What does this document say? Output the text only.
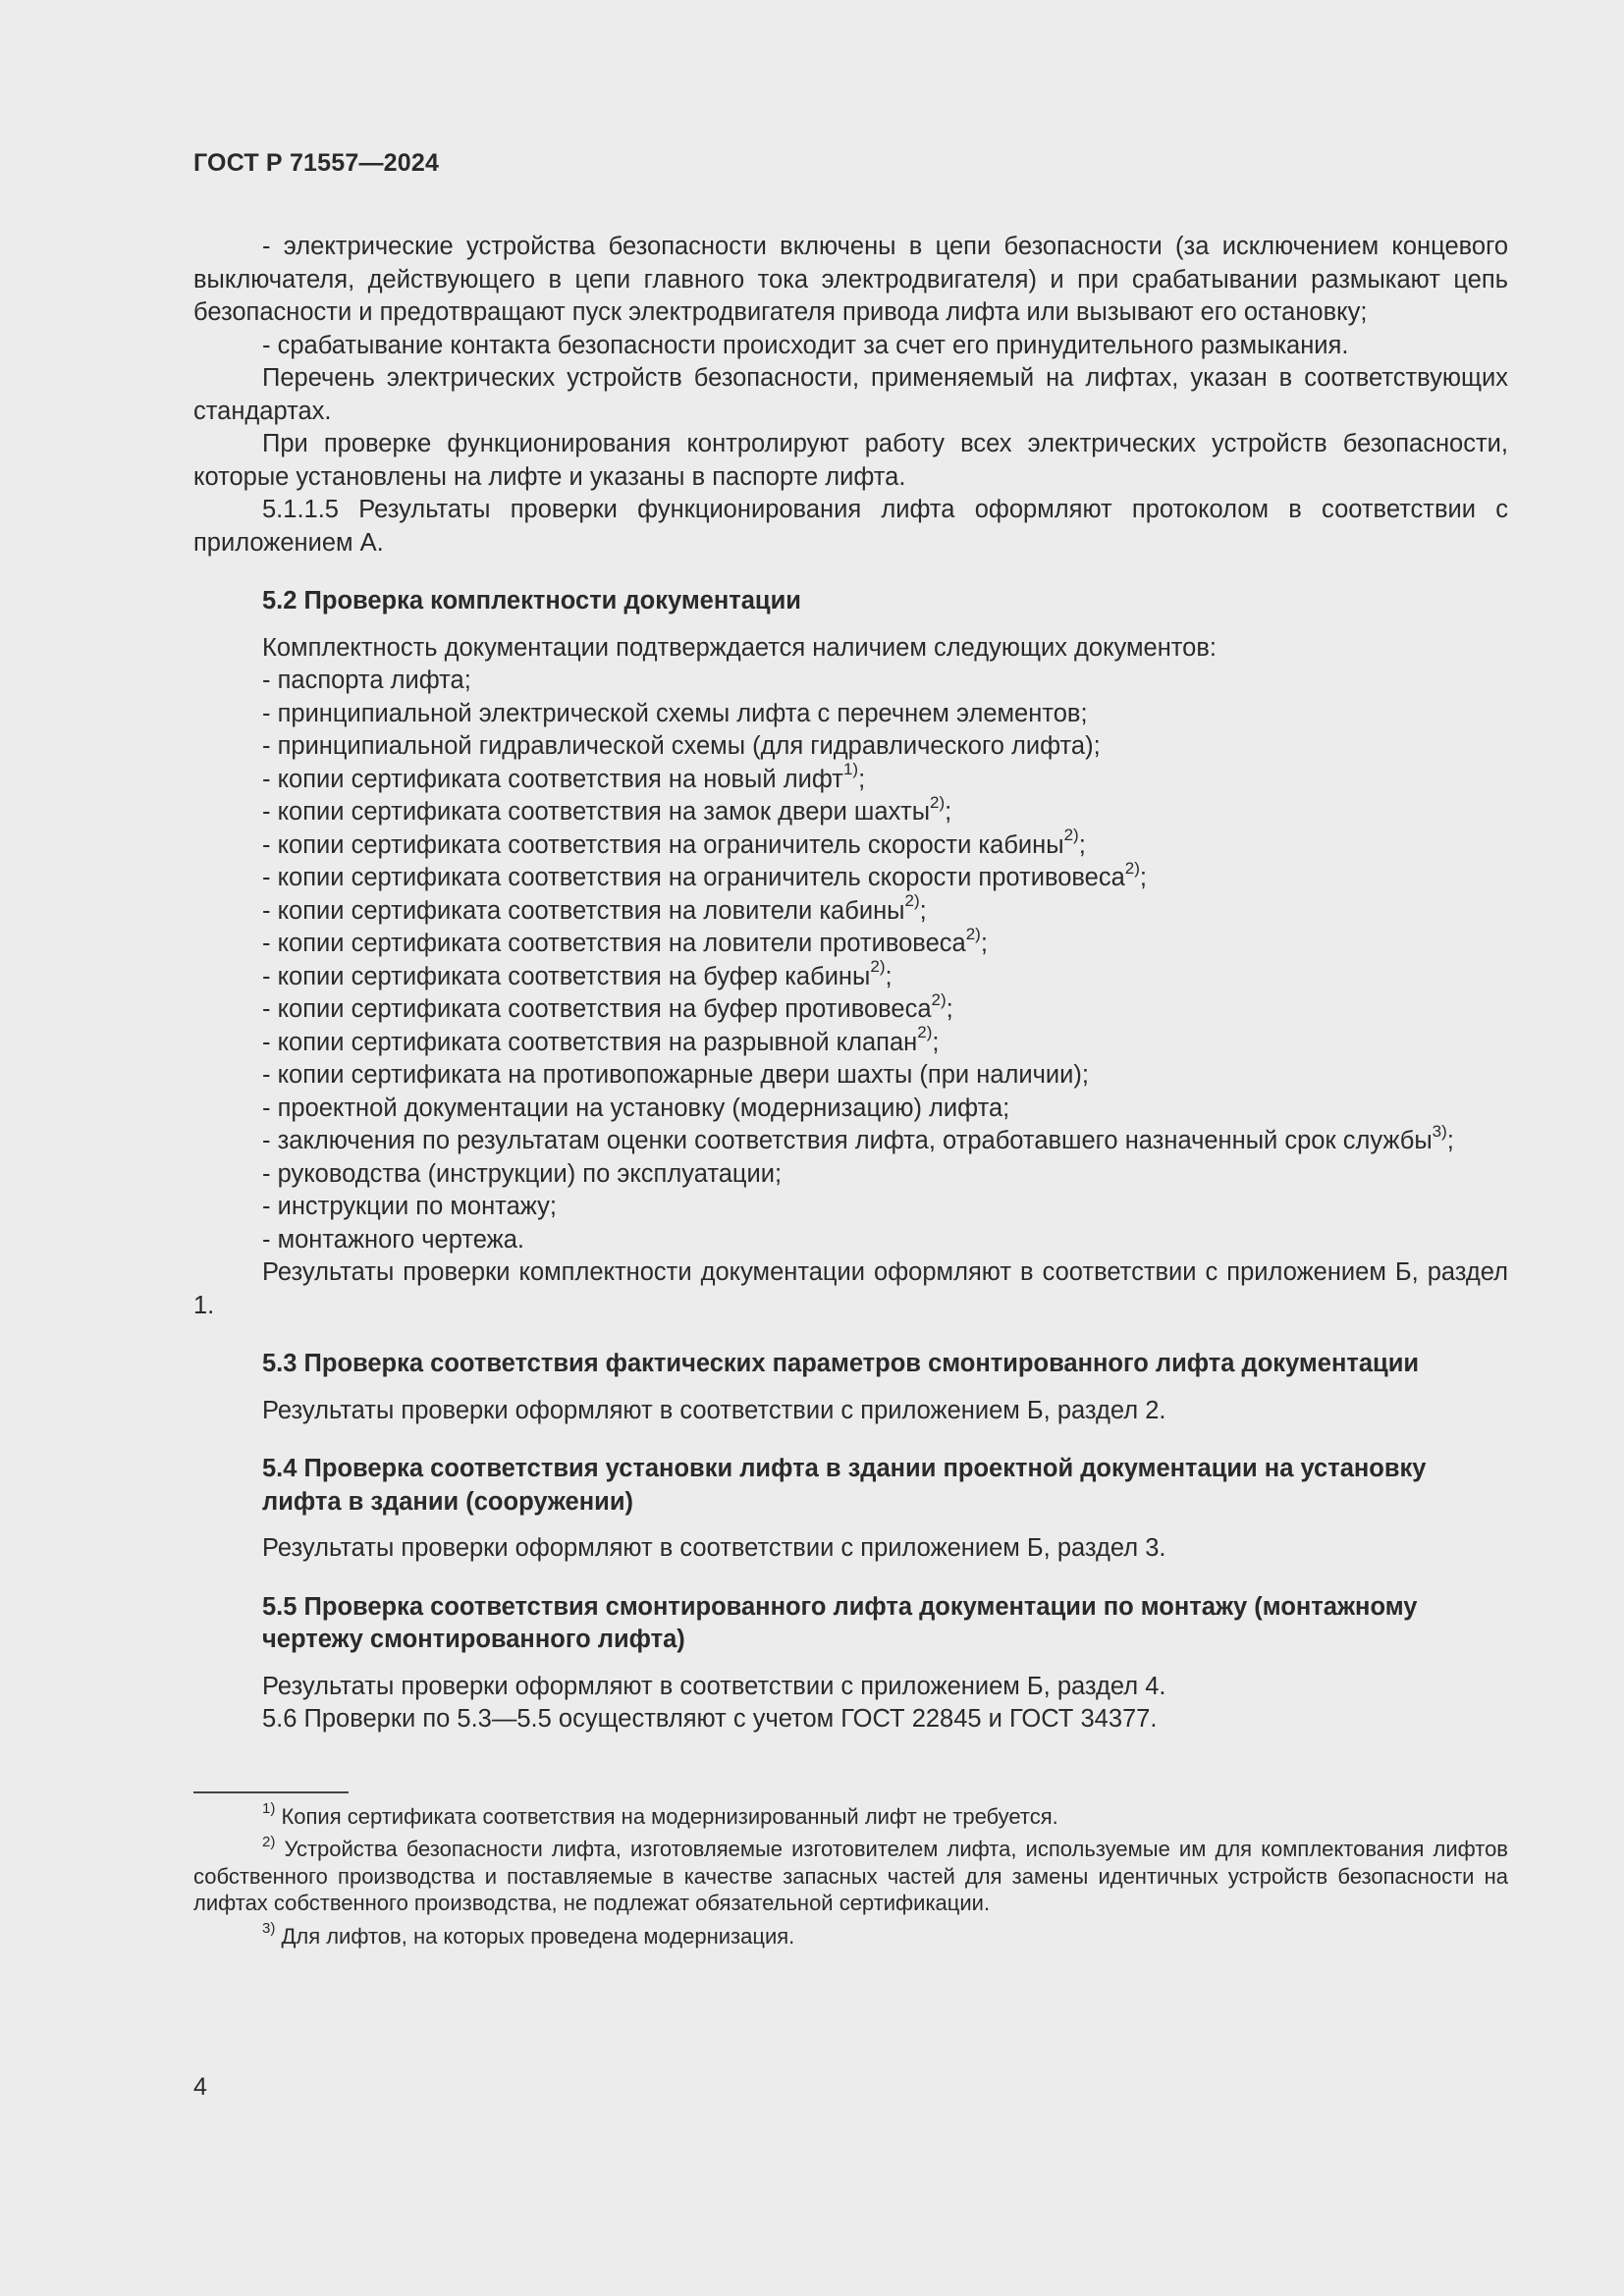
ГОСТ Р 71557—2024

- электрические устройства безопасности включены в цепи безопасности (за исключением концевого выключателя, действующего в цепи главного тока электродвигателя) и при срабатывании размыкают цепь безопасности и предотвращают пуск электродвигателя привода лифта или вызывают его остановку;

- срабатывание контакта безопасности происходит за счет его принудительного размыкания.

Перечень электрических устройств безопасности, применяемый на лифтах, указан в соответствующих стандартах.

При проверке функционирования контролируют работу всех электрических устройств безопасности, которые установлены на лифте и указаны в паспорте лифта.

5.1.1.5 Результаты проверки функционирования лифта оформляют протоколом в соответствии с приложением А.

5.2 Проверка комплектности документации

Комплектность документации подтверждается наличием следующих документов:

- паспорта лифта;

- принципиальной электрической схемы лифта с перечнем элементов;

- принципиальной гидравлической схемы (для гидравлического лифта);

- копии сертификата соответствия на новый лифт$^{1)}$;

- копии сертификата соответствия на замок двери шахты$^{2)}$;

- копии сертификата соответствия на ограничитель скорости кабины$^{2)}$;

- копии сертификата соответствия на ограничитель скорости противовеса$^{2)}$;

- копии сертификата соответствия на ловители кабины$^{2)}$;

- копии сертификата соответствия на ловители противовеса$^{2)}$;

- копии сертификата соответствия на буфер кабины$^{2)}$;

- копии сертификата соответствия на буфер противовеса$^{2)}$;

- копии сертификата соответствия на разрывной клапан$^{2)}$;

- копии сертификата на противопожарные двери шахты (при наличии);

- проектной документации на установку (модернизацию) лифта;

- заключения по результатам оценки соответствия лифта, отработавшего назначенный срок службы$^{3)}$;

- руководства (инструкции) по эксплуатации;

- инструкции по монтажу;

- монтажного чертежа.

Результаты проверки комплектности документации оформляют в соответствии с приложением Б, раздел 1.

5.3 Проверка соответствия фактических параметров смонтированного лифта документации

Результаты проверки оформляют в соответствии с приложением Б, раздел 2.

5.4 Проверка соответствия установки лифта в здании проектной документации на установку лифта в здании (сооружении)

Результаты проверки оформляют в соответствии с приложением Б, раздел 3.

5.5 Проверка соответствия смонтированного лифта документации по монтажу (монтажному чертежу смонтированного лифта)

Результаты проверки оформляют в соответствии с приложением Б, раздел 4.

5.6 Проверки по 5.3—5.5 осуществляют с учетом ГОСТ 22845 и ГОСТ 34377.

$^{1)}$ Копия сертификата соответствия на модернизированный лифт не требуется.

$^{2)}$ Устройства безопасности лифта, изготовляемые изготовителем лифта, используемые им для комплектования лифтов собственного производства и поставляемые в качестве запасных частей для замены идентичных устройств безопасности на лифтах собственного производства, не подлежат обязательной сертификации.

$^{3)}$ Для лифтов, на которых проведена модернизация.

4
